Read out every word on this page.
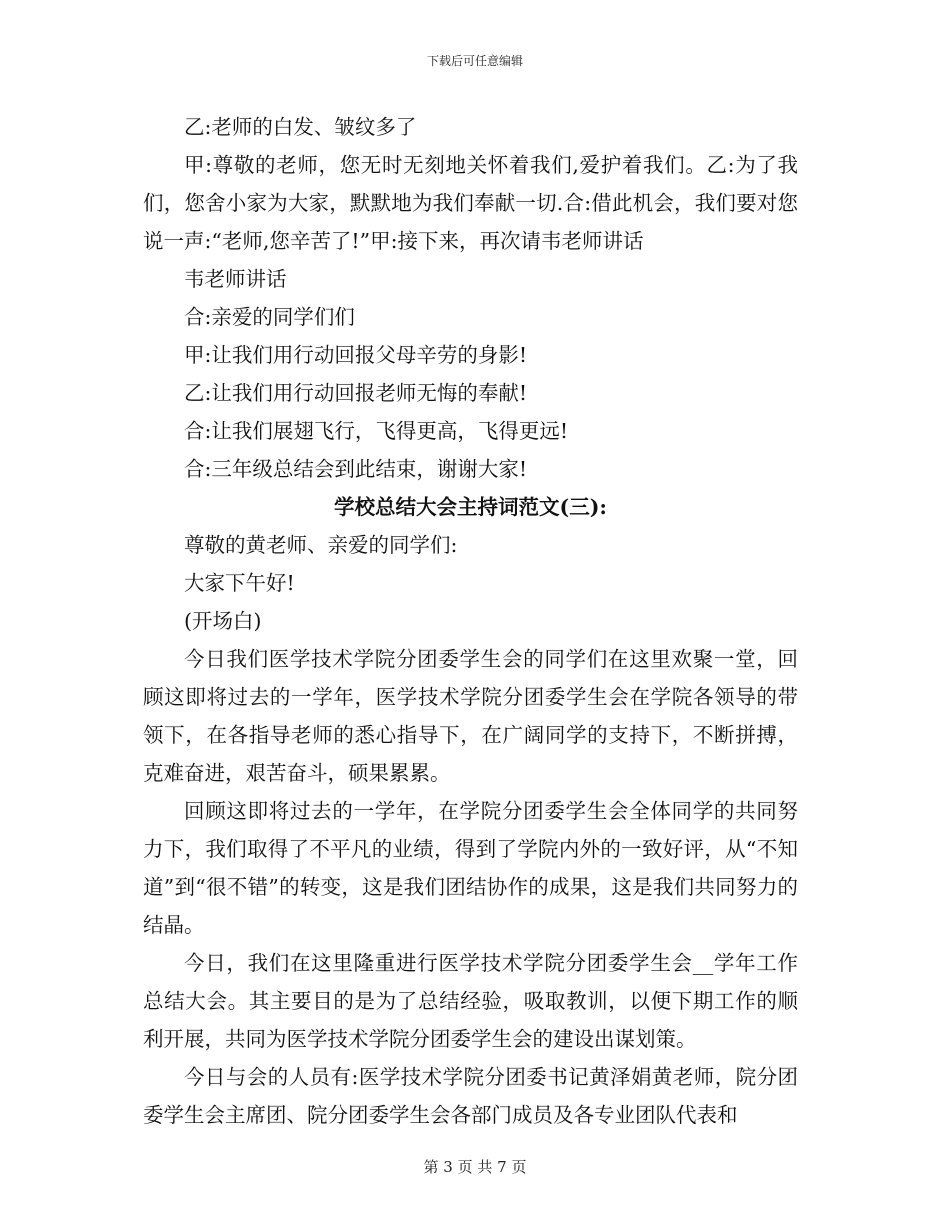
下载后可任意编辑

乙:老师的白发、皱纹多了

甲:尊敬的老师，您无时无刻地关怀着我们,爱护着我们。乙:为了我们，您舍小家为大家，默默地为我们奉献一切.合:借此机会，我们要对您说一声:“老师,您辛苦了!”甲:接下来，再次请韦老师讲话

韦老师讲话

合:亲爱的同学们们

甲:让我们用行动回报父母辛劳的身影!

乙:让我们用行动回报老师无悔的奉献!

合:让我们展翅飞行，飞得更高，飞得更远!

合:三年级总结会到此结束，谢谢大家!

学校总结大会主持词范文(三):

尊敬的黄老师、亲爱的同学们:

大家下午好!

(开场白)

今日我们医学技术学院分团委学生会的同学们在这里欢聚一堂，回顾这即将过去的一学年，医学技术学院分团委学生会在学院各领导的带领下，在各指导老师的悉心指导下，在广阔同学的支持下，不断拼搏，克难奋进，艰苦奋斗，硕果累累。

回顾这即将过去的一学年，在学院分团委学生会全体同学的共同努力下，我们取得了不平凡的业绩，得到了学院内外的一致好评，从“不知道”到“很不错”的转变，这是我们团结协作的成果，这是我们共同努力的结晶。

今日，我们在这里隆重进行医学技术学院分团委学生会__学年工作总结大会。其主要目的是为了总结经验，吸取教训，以便下期工作的顺利开展，共同为医学技术学院分团委学生会的建设出谋划策。

今日与会的人员有:医学技术学院分团委书记黄泽娟黄老师，院分团委学生会主席团、院分团委学生会各部门成员及各专业团队代表和

第 3 页 共 7 页
